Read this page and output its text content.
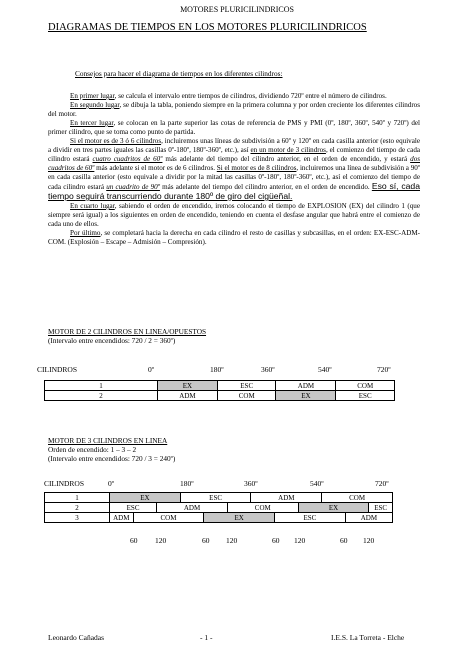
MOTORES PLURICILINDRICOS
DIAGRAMAS DE TIEMPOS EN LOS MOTORES PLURICILINDRICOS
Consejos para hacer el diagrama de tiempos en los diferentes cilindros:

En primer lugar, se calcula el intervalo entre tiempos de cilindros, dividiendo 720º entre el número de cilindros.

En segundo lugar, se dibuja la tabla, poniendo siempre en la primera columna y por orden creciente los diferentes cilindros del motor.

En tercer lugar, se colocan en la parte superior las cotas de referencia de PMS y PMI (0º, 180º, 360º, 540º y 720º) del primer cilindro, que se toma como punto de partida.

Si el motor es de 3 ó 6 cilindros, incluiremos unas líneas de subdivisión a 60º y 120º en cada casilla anterior (esto equivale a dividir en tres partes iguales las casillas 0º-180º, 180º-360º, etc.), así en un motor de 3 cilindros, el comienzo del tiempo de cada cilindro estará cuatro cuadritos de 60º más adelante del tiempo del cilindro anterior, en el orden de encendido, y estará dos cuadritos de 60º más adelante si el motor es de 6 cilindros. Si el motor es de 8 cilindros, incluiremos una línea de subdivisión a 90º en cada casilla anterior (esto equivale a dividir por la mitad las casillas 0º-180º, 180º-360º, etc.), así el comienzo del tiempo de cada cilindro estará un cuadrito de 90º más adelante del tiempo del cilindro anterior, en el orden de encendido. Eso sí, cada tiempo seguirá transcurriendo durante 180º de giro del cigüeñal.

En cuarto lugar, sabiendo el orden de encendido, iremos colocando el tiempo de EXPLOSION (EX) del cilindro 1 (que siempre será igual) a los siguientes en orden de encendido, teniendo en cuenta el desfase angular que habrá entre el comienzo de cada uno de ellos.

Por último, se completará hacia la derecha en cada cilindro el resto de casillas y subcasillas, en el orden: EX-ESC-ADM-COM. (Explosión – Escape – Admisión – Compresión).

MOTOR DE 2 CILINDROS EN LINEA/OPUESTOS
(Intervalo entre encendidos: 720 / 2 = 360º)
CILINDROS	0º	180º	360º	540º	720º
1	EX	ESC	ADM	COM
2	ADM	COM	EX	ESC
MOTOR DE 3 CILINDROS EN LINEA
Orden de encendido: 1 – 3 – 2
(Intervalo entre encendidos: 720 / 3 = 240º)
CILINDROS	0º	180º	360º	540º	720º
1	EX			ESC			ADM			COM		
2	ESC		ADM			COM			EX			ESC
3	ADM	COM			EX			ESC			ADM	
60 120	60 120	60 120	60 120
Leonardo Cañadas	- 1 -	I.E.S. La Torreta - Elche
